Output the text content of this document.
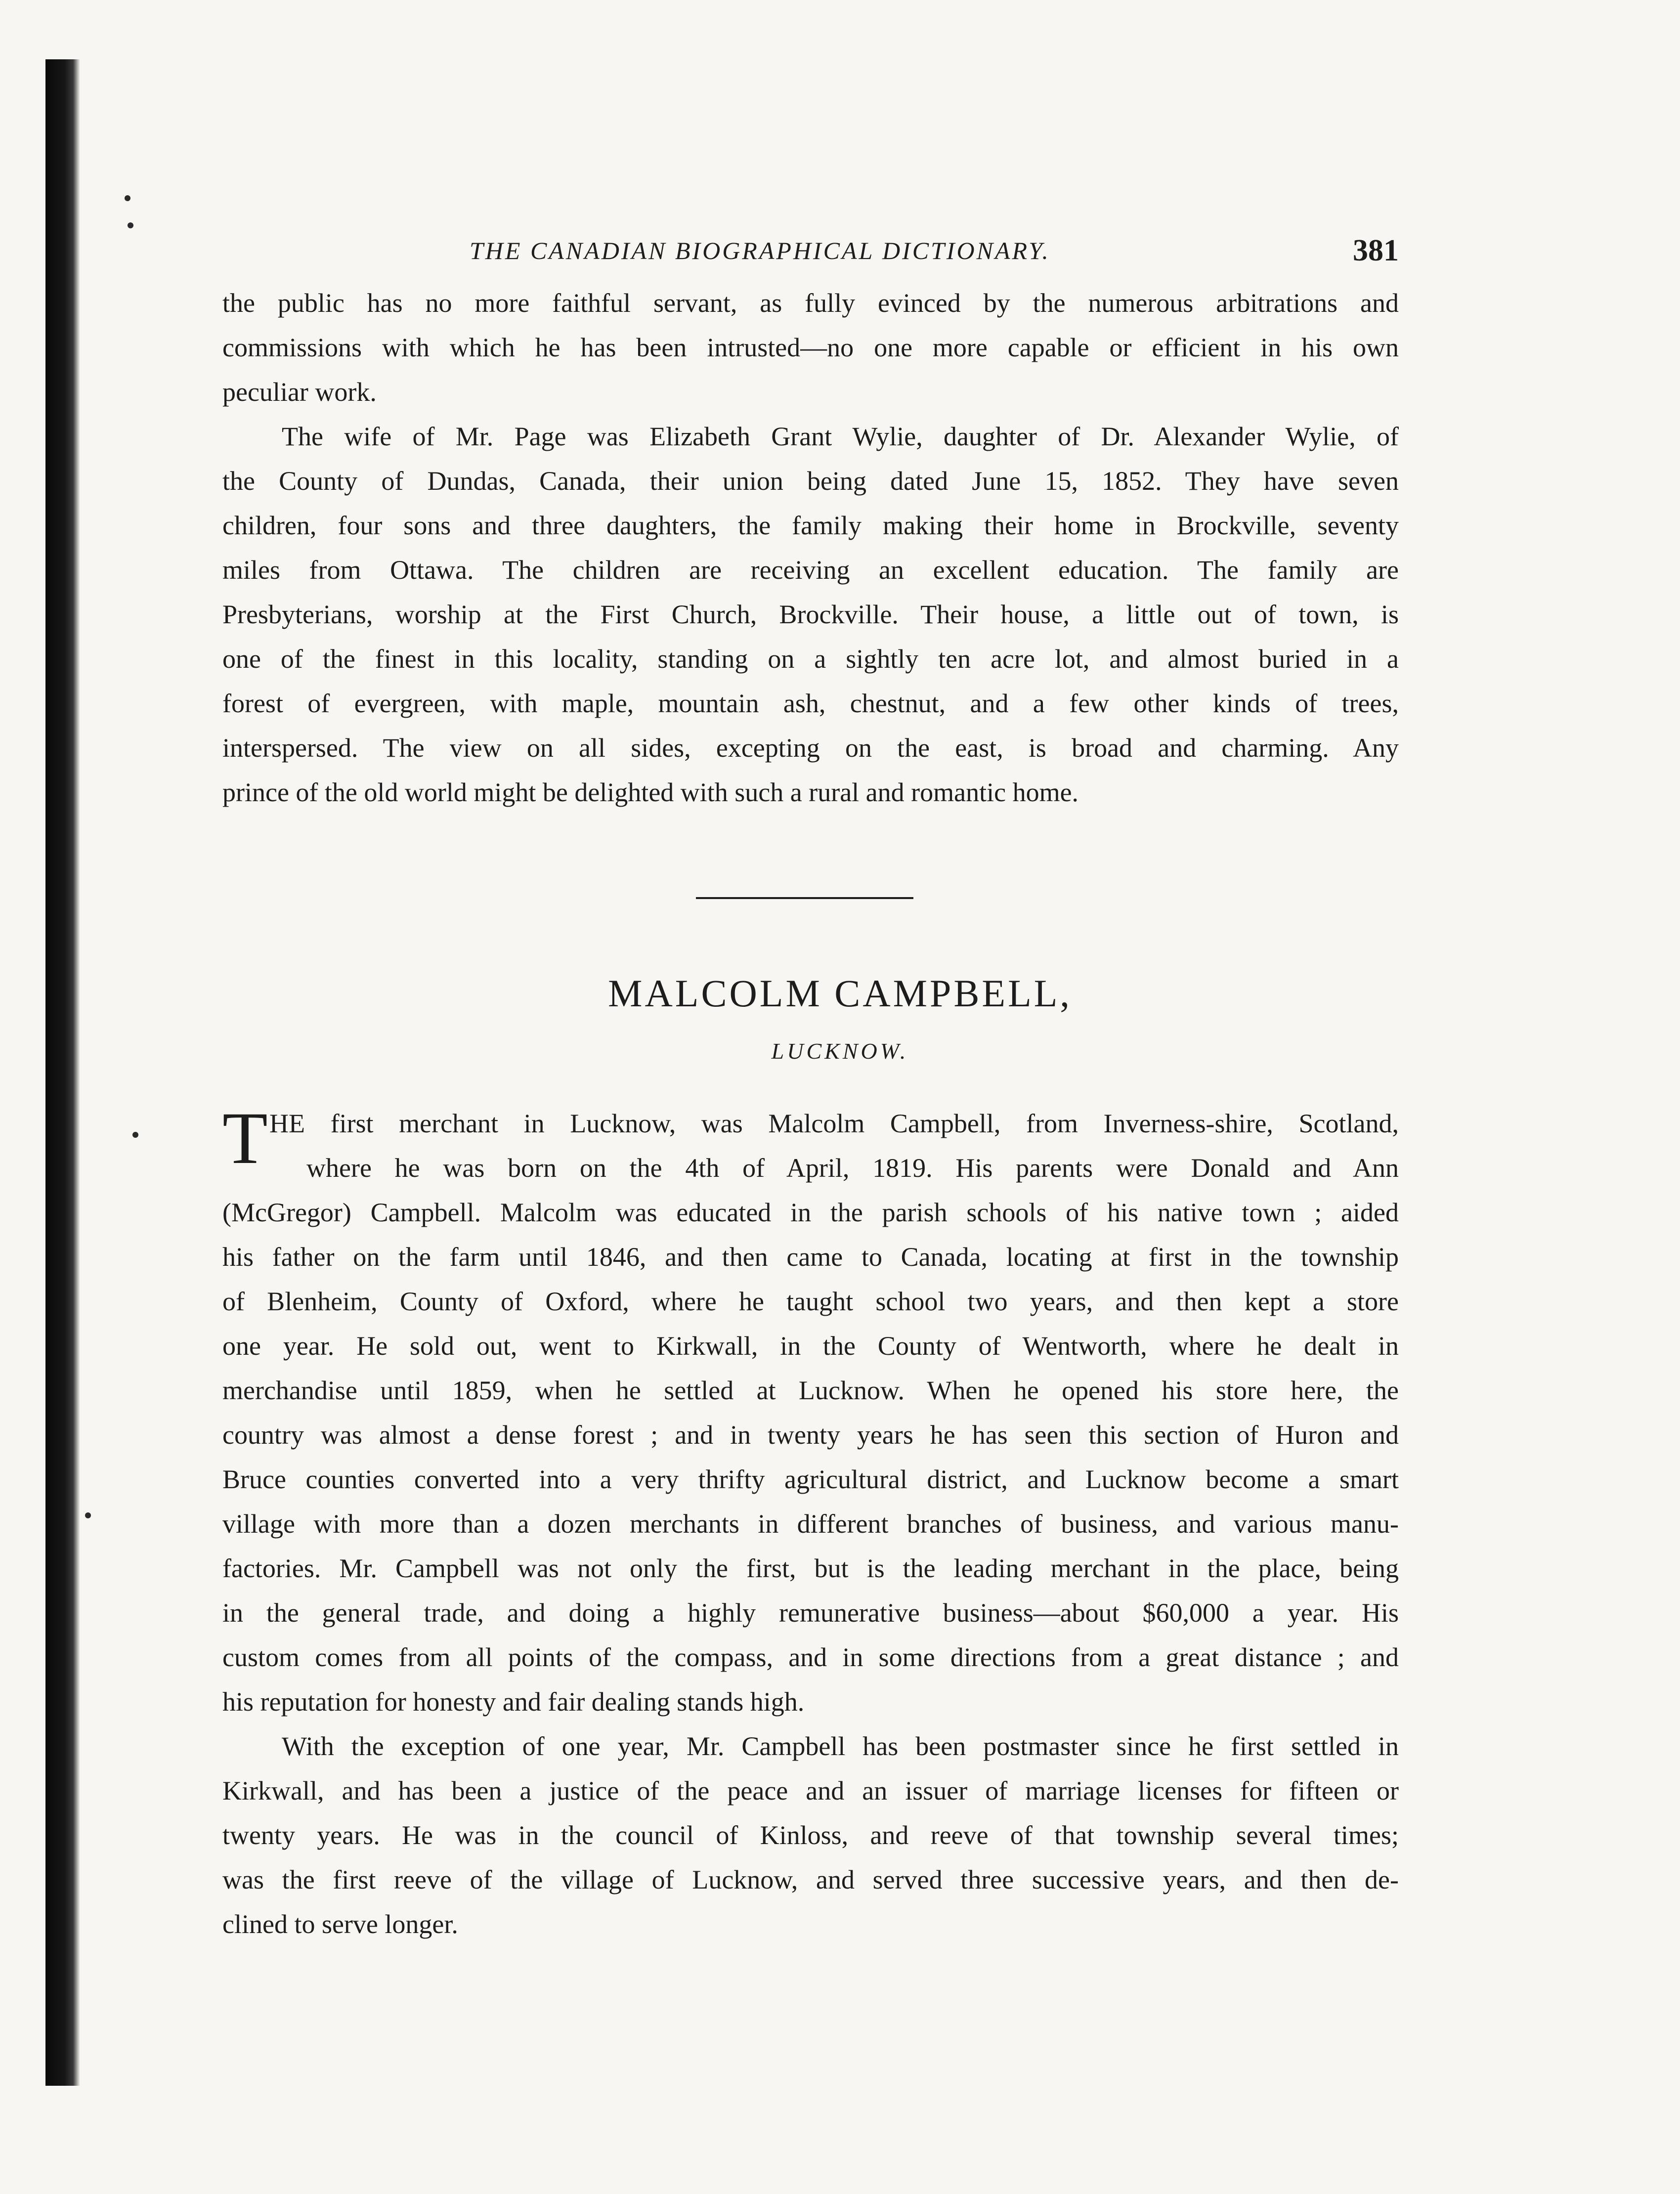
THE CANADIAN BIOGRAPHICAL DICTIONARY.	381
the public has no more faithful servant, as fully evinced by the numerous arbitrations and
commissions with which he has been intrusted—no one more capable or efficient in his own
peculiar work.
The wife of Mr. Page was Elizabeth Grant Wylie, daughter of Dr. Alexander Wylie, of
the County of Dundas, Canada, their union being dated June 15, 1852. They have seven
children, four sons and three daughters, the family making their home in Brockville, seventy
miles from Ottawa. The children are receiving an excellent education. The family are
Presbyterians, worship at the First Church, Brockville. Their house, a little out of town, is
one of the finest in this locality, standing on a sightly ten acre lot, and almost buried in a
forest of evergreen, with maple, mountain ash, chestnut, and a few other kinds of trees,
interspersed. The view on all sides, excepting on the east, is broad and charming. Any
prince of the old world might be delighted with such a rural and romantic home.
MALCOLM CAMPBELL,
LUCKNOW.
T HE first merchant in Lucknow, was Malcolm Campbell, from Inverness-shire, Scotland,
where he was born on the 4th of April, 1819. His parents were Donald and Ann
(McGregor) Campbell. Malcolm was educated in the parish schools of his native town ; aided
his father on the farm until 1846, and then came to Canada, locating at first in the township
of Blenheim, County of Oxford, where he taught school two years, and then kept a store
one year. He sold out, went to Kirkwall, in the County of Wentworth, where he dealt in
merchandise until 1859, when he settled at Lucknow. When he opened his store here, the
country was almost a dense forest ; and in twenty years he has seen this section of Huron and
Bruce counties converted into a very thrifty agricultural district, and Lucknow become a smart
village with more than a dozen merchants in different branches of business, and various manu-
factories. Mr. Campbell was not only the first, but is the leading merchant in the place, being
in the general trade, and doing a highly remunerative business—about $60,000 a year. His
custom comes from all points of the compass, and in some directions from a great distance ; and
his reputation for honesty and fair dealing stands high.
With the exception of one year, Mr. Campbell has been postmaster since he first settled in
Kirkwall, and has been a justice of the peace and an issuer of marriage licenses for fifteen or
twenty years. He was in the council of Kinloss, and reeve of that township several times;
was the first reeve of the village of Lucknow, and served three successive years, and then de-
clined to serve longer.
